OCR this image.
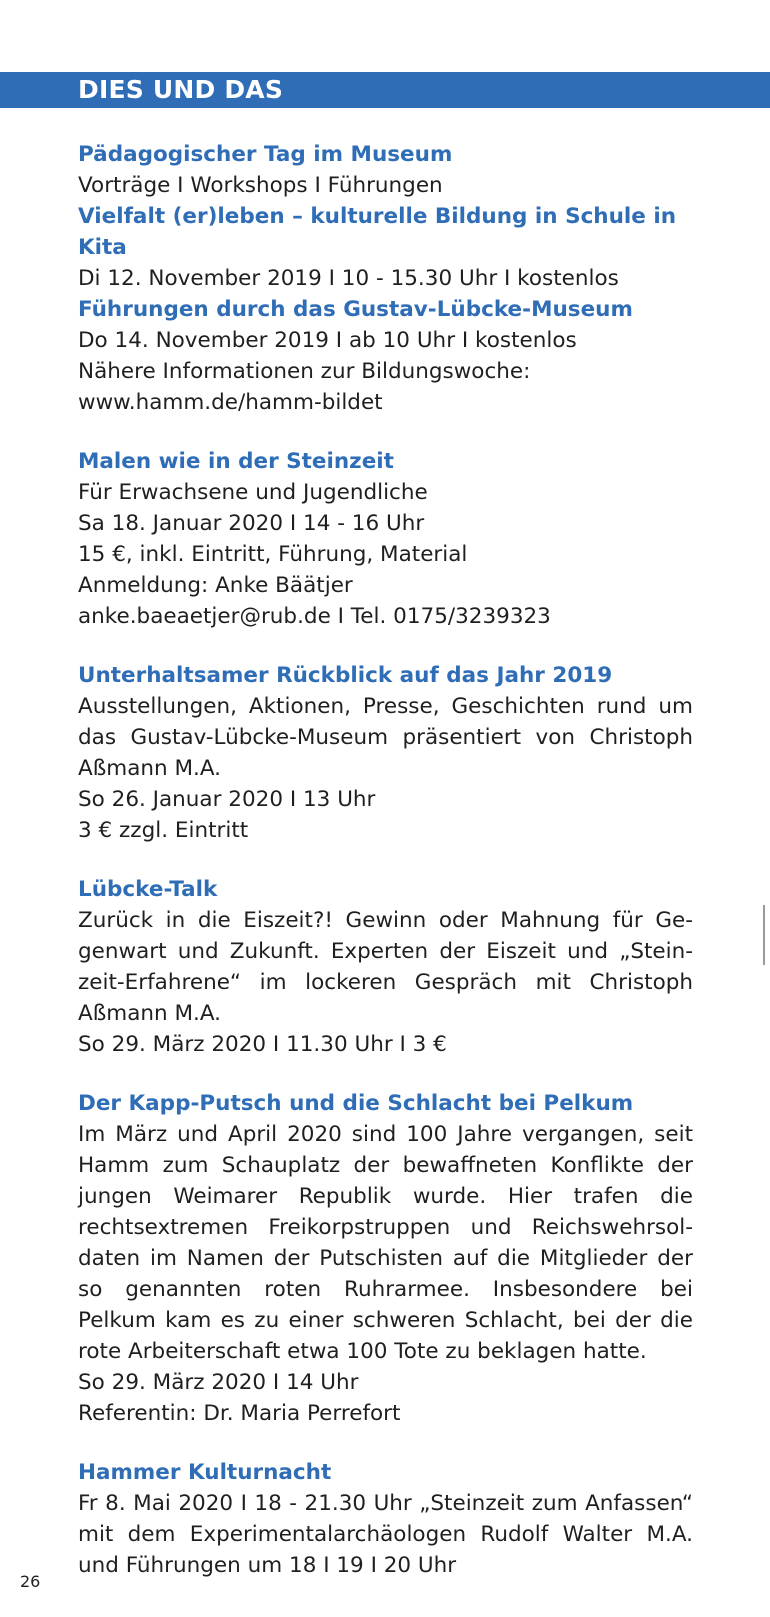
DIES UND DAS

Pädagogischer Tag im Museum

Vorträge I Workshops I Führungen

Vielfalt (er)leben – kulturelle Bildung in Schule in Kita

Di 12. November 2019 I 10 - 15.30 Uhr I kostenlos

Führungen durch das Gustav-Lübcke-Museum

Do 14. November 2019 I ab 10 Uhr I kostenlos

Nähere Informationen zur Bildungswoche:

www.hamm.de/hamm-bildet

Malen wie in der Steinzeit

Für Erwachsene und Jugendliche

Sa 18. Januar 2020 I 14 - 16 Uhr

15 €, inkl. Eintritt, Führung, Material

Anmeldung: Anke Bäätjer

anke.baeaetjer@rub.de I Tel. 0175/3239323

Unterhaltsamer Rückblick auf das Jahr 2019

Ausstellungen, Aktionen, Presse, Geschichten rund um das Gustav-Lübcke-Museum präsentiert von Christoph Aßmann M.A.

So 26. Januar 2020 I 13 Uhr

3 € zzgl. Eintritt

Lübcke-Talk

Zurück in die Eiszeit?! Gewinn oder Mahnung für Gegenwart und Zukunft. Experten der Eiszeit und „Steinzeit-Erfahrene“ im lockeren Gespräch mit Christoph Aßmann M.A.

So 29. März 2020 I 11.30 Uhr I 3 €

Der Kapp-Putsch und die Schlacht bei Pelkum

Im März und April 2020 sind 100 Jahre vergangen, seit Hamm zum Schauplatz der bewaffneten Konflikte der jungen Weimarer Republik wurde. Hier trafen die rechtsextremen Freikorpstruppen und Reichswehrsoldaten im Namen der Putschisten auf die Mitglieder der so genannten roten Ruhrarmee. Insbesondere bei Pelkum kam es zu einer schweren Schlacht, bei der die rote Arbeiterschaft etwa 100 Tote zu beklagen hatte.

So 29. März 2020 I 14 Uhr

Referentin: Dr. Maria Perrefort

Hammer Kulturnacht

Fr 8. Mai 2020 I 18 - 21.30 Uhr „Steinzeit zum Anfassen“ mit dem Experimentalarchäologen Rudolf Walter M.A. und Führungen um 18 I 19 I 20 Uhr

26
